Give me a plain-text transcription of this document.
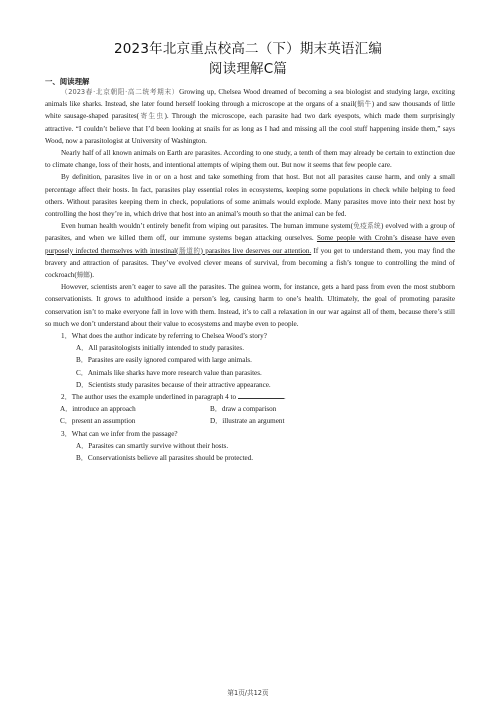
2023年北京重点校高二（下）期末英语汇编
阅读理解C篇
一、阅读理解

（2023春·北京朝阳·高二统考期末）Growing up, Chelsea Wood dreamed of becoming a sea biologist and studying large, exciting animals like sharks. Instead, she later found herself looking through a microscope at the organs of a snail(蜗牛) and saw thousands of little white sausage-shaped parasites(寄生虫). Through the microscope, each parasite had two dark eyespots, which made them surprisingly attractive. “I couldn’t believe that I’d been looking at snails for as long as I had and missing all the cool stuff happening inside them,” says Wood, now a parasitologist at University of Washington.

Nearly half of all known animals on Earth are parasites. According to one study, a tenth of them may already be certain to extinction due to climate change, loss of their hosts, and intentional attempts of wiping them out. But now it seems that few people care.

By definition, parasites live in or on a host and take something from that host. But not all parasites cause harm, and only a small percentage affect their hosts. In fact, parasites play essential roles in ecosystems, keeping some populations in check while helping to feed others. Without parasites keeping them in check, populations of some animals would explode. Many parasites move into their next host by controlling the host they’re in, which drive that host into an animal’s mouth so that the animal can be fed.

Even human health wouldn’t entirely benefit from wiping out parasites. The human immune system(免疫系统) evolved with a group of parasites, and when we killed them off, our immune systems began attacking ourselves. Some people with Crohn’s disease have even purposely infected themselves with intestinal(肠道的) parasites live deserves our attention. If you get to understand them, you may find the bravery and attraction of parasites. They’ve evolved clever means of survival, from becoming a fish’s tongue to controlling the mind of cockroach(蟑螂).

However, scientists aren’t eager to save all the parasites. The guinea worm, for instance, gets a hard pass from even the most stubborn conservationists. It grows to adulthood inside a person’s leg, causing harm to one’s health. Ultimately, the goal of promoting parasite conservation isn’t to make everyone fall in love with them. Instead, it’s to call a relaxation in our war against all of them, because there’s still so much we don’t understand about their value to ecosystems and maybe even to people.

1．What does the author indicate by referring to Chelsea Wood’s story?

A．All parasitologists initially intended to study parasites.

B．Parasites are easily ignored compared with large animals.

C．Animals like sharks have more research value than parasites.

D．Scientists study parasites because of their attractive appearance.

2．The author uses the example underlined in paragraph 4 to	.

A．introduce an approach	B．draw a comparison
C．present an assumption	D．illustrate an argument

3．What can we infer from the passage?

A．Parasites can smartly survive without their hosts.

B．Conservationists believe all parasites should be protected.

第1页/共12页
